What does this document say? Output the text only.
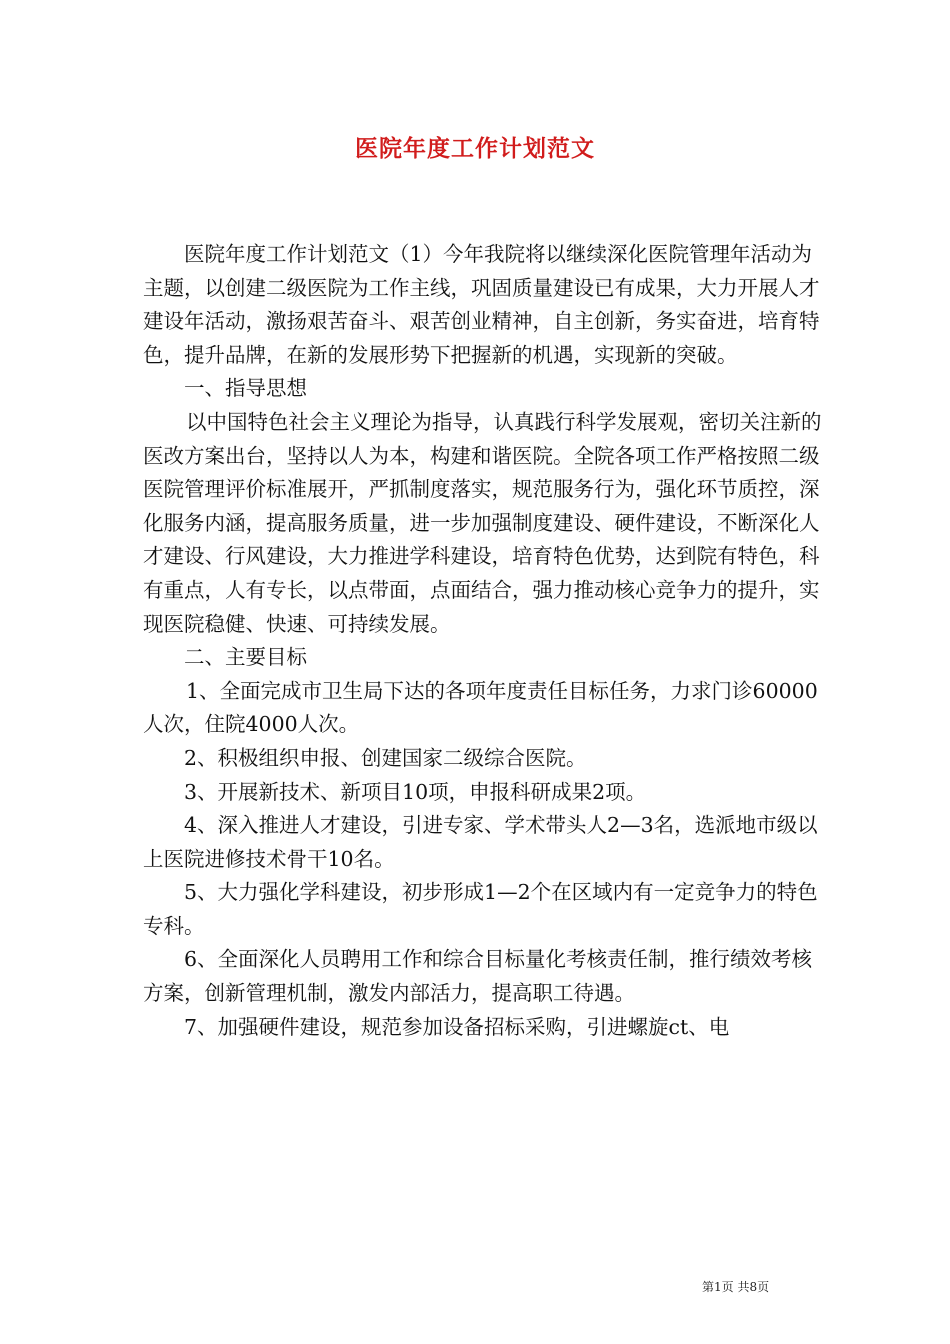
医院年度工作计划范文

医院年度工作计划范文（1）今年我院将以继续深化医院管理年活动为主题，以创建二级医院为工作主线，巩固质量建设已有成果，大力开展人才建设年活动，激扬艰苦奋斗、艰苦创业精神，自主创新，务实奋进，培育特色，提升品牌，在新的发展形势下把握新的机遇，实现新的突破。

一、指导思想

以中国特色社会主义理论为指导，认真践行科学发展观，密切关注新的医改方案出台，坚持以人为本，构建和谐医院。全院各项工作严格按照二级医院管理评价标准展开，严抓制度落实，规范服务行为，强化环节质控，深化服务内涵，提高服务质量，进一步加强制度建设、硬件建设，不断深化人才建设、行风建设，大力推进学科建设，培育特色优势，达到院有特色，科有重点，人有专长，以点带面，点面结合，强力推动核心竞争力的提升，实现医院稳健、快速、可持续发展。

二、主要目标

1、全面完成市卫生局下达的各项年度责任目标任务，力求门诊60000人次，住院4000人次。

2、积极组织申报、创建国家二级综合医院。

3、开展新技术、新项目10项，申报科研成果2项。

4、深入推进人才建设，引进专家、学术带头人2—3名，选派地市级以上医院进修技术骨干10名。

5、大力强化学科建设，初步形成1—2个在区域内有一定竞争力的特色专科。

6、全面深化人员聘用工作和综合目标量化考核责任制，推行绩效考核方案，创新管理机制，激发内部活力，提高职工待遇。

7、加强硬件建设，规范参加设备招标采购，引进螺旋ct、电

第1页 共8页
